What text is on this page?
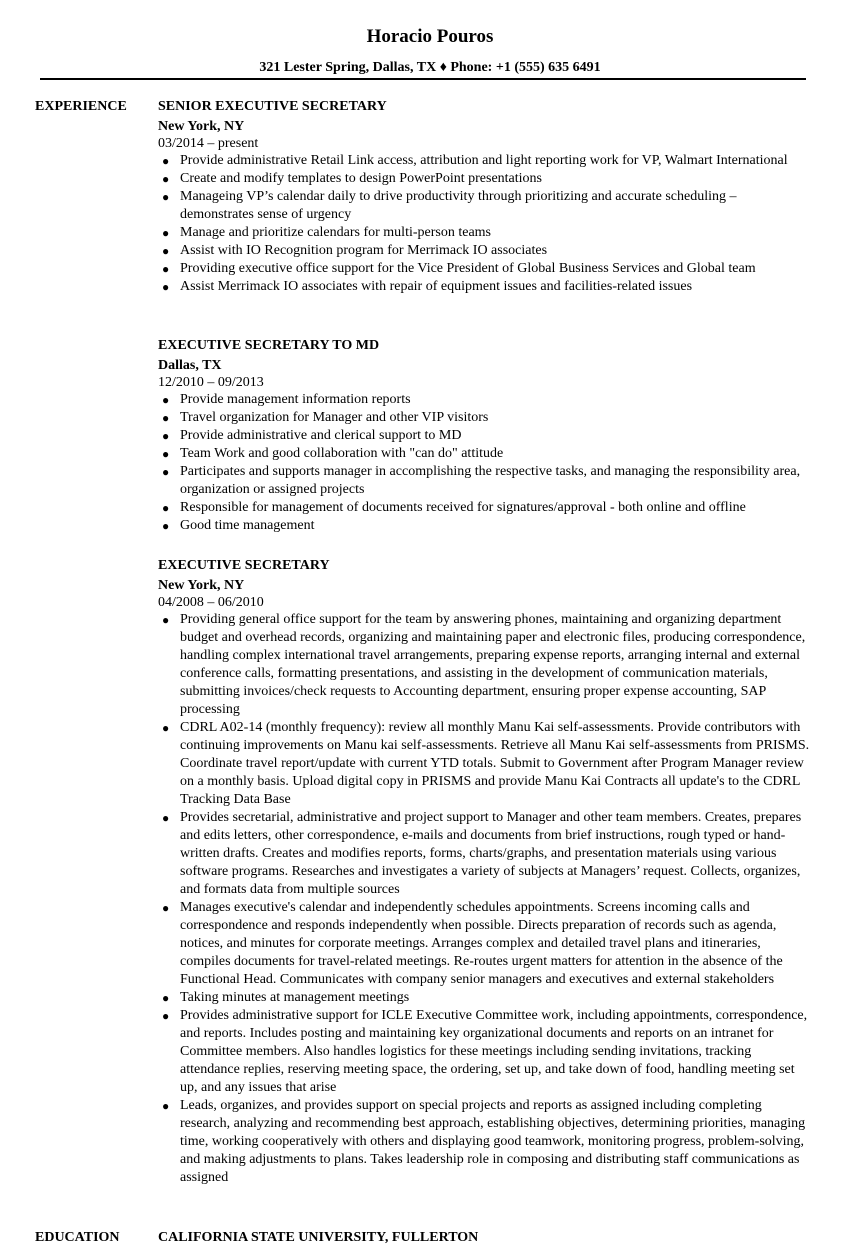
Horacio Pouros
321 Lester Spring, Dallas, TX ♦ Phone: +1 (555) 635 6491
EXPERIENCE SENIOR EXECUTIVE SECRETARY
New York, NY
03/2014 – present
● Provide administrative Retail Link access, attribution and light reporting work for VP, Walmart International
● Create and modify templates to design PowerPoint presentations
● Manageing VP’s calendar daily to drive productivity through prioritizing and accurate scheduling – demonstrates sense of urgency
● Manage and prioritize calendars for multi-person teams
● Assist with IO Recognition program for Merrimack IO associates
● Providing executive office support for the Vice President of Global Business Services and Global team
● Assist Merrimack IO associates with repair of equipment issues and facilities-related issues
EXECUTIVE SECRETARY TO MD
Dallas, TX
12/2010 – 09/2013
● Provide management information reports
● Travel organization for Manager and other VIP visitors
● Provide administrative and clerical support to MD
● Team Work and good collaboration with "can do" attitude
● Participates and supports manager in accomplishing the respective tasks, and managing the responsibility area, organization or assigned projects
● Responsible for management of documents received for signatures/approval - both online and offline
● Good time management
EXECUTIVE SECRETARY
New York, NY
04/2008 – 06/2010
● Providing general office support for the team by answering phones, maintaining and organizing department budget and overhead records, organizing and maintaining paper and electronic files, producing correspondence, handling complex international travel arrangements, preparing expense reports, arranging internal and external conference calls, formatting presentations, and assisting in the development of communication materials, submitting invoices/check requests to Accounting department, ensuring proper expense accounting, SAP processing
● CDRL A02-14 (monthly frequency): review all monthly Manu Kai self-assessments. Provide contributors with continuing improvements on Manu kai self-assessments. Retrieve all Manu Kai self-assessments from PRISMS. Coordinate travel report/update with current YTD totals. Submit to Government after Program Manager review on a monthly basis. Upload digital copy in PRISMS and provide Manu Kai Contracts all update's to the CDRL Tracking Data Base
● Provides secretarial, administrative and project support to Manager and other team members. Creates, prepares and edits letters, other correspondence, e-mails and documents from brief instructions, rough typed or hand-written drafts. Creates and modifies reports, forms, charts/graphs, and presentation materials using various software programs. Researches and investigates a variety of subjects at Managers’ request. Collects, organizes, and formats data from multiple sources
● Manages executive's calendar and independently schedules appointments. Screens incoming calls and correspondence and responds independently when possible. Directs preparation of records such as agenda, notices, and minutes for corporate meetings. Arranges complex and detailed travel plans and itineraries, compiles documents for travel-related meetings. Re-routes urgent matters for attention in the absence of the Functional Head. Communicates with company senior managers and executives and external stakeholders
● Taking minutes at management meetings
● Provides administrative support for ICLE Executive Committee work, including appointments, correspondence, and reports. Includes posting and maintaining key organizational documents and reports on an intranet for Committee members. Also handles logistics for these meetings including sending invitations, tracking attendance replies, reserving meeting space, the ordering, set up, and take down of food, handling meeting set up, and any issues that arise
● Leads, organizes, and provides support on special projects and reports as assigned including completing research, analyzing and recommending best approach, establishing objectives, determining priorities, managing time, working cooperatively with others and displaying good teamwork, monitoring progress, problem-solving, and making adjustments to plans. Takes leadership role in composing and distributing staff communications as assigned
EDUCATION	CALIFORNIA STATE UNIVERSITY, FULLERTON
